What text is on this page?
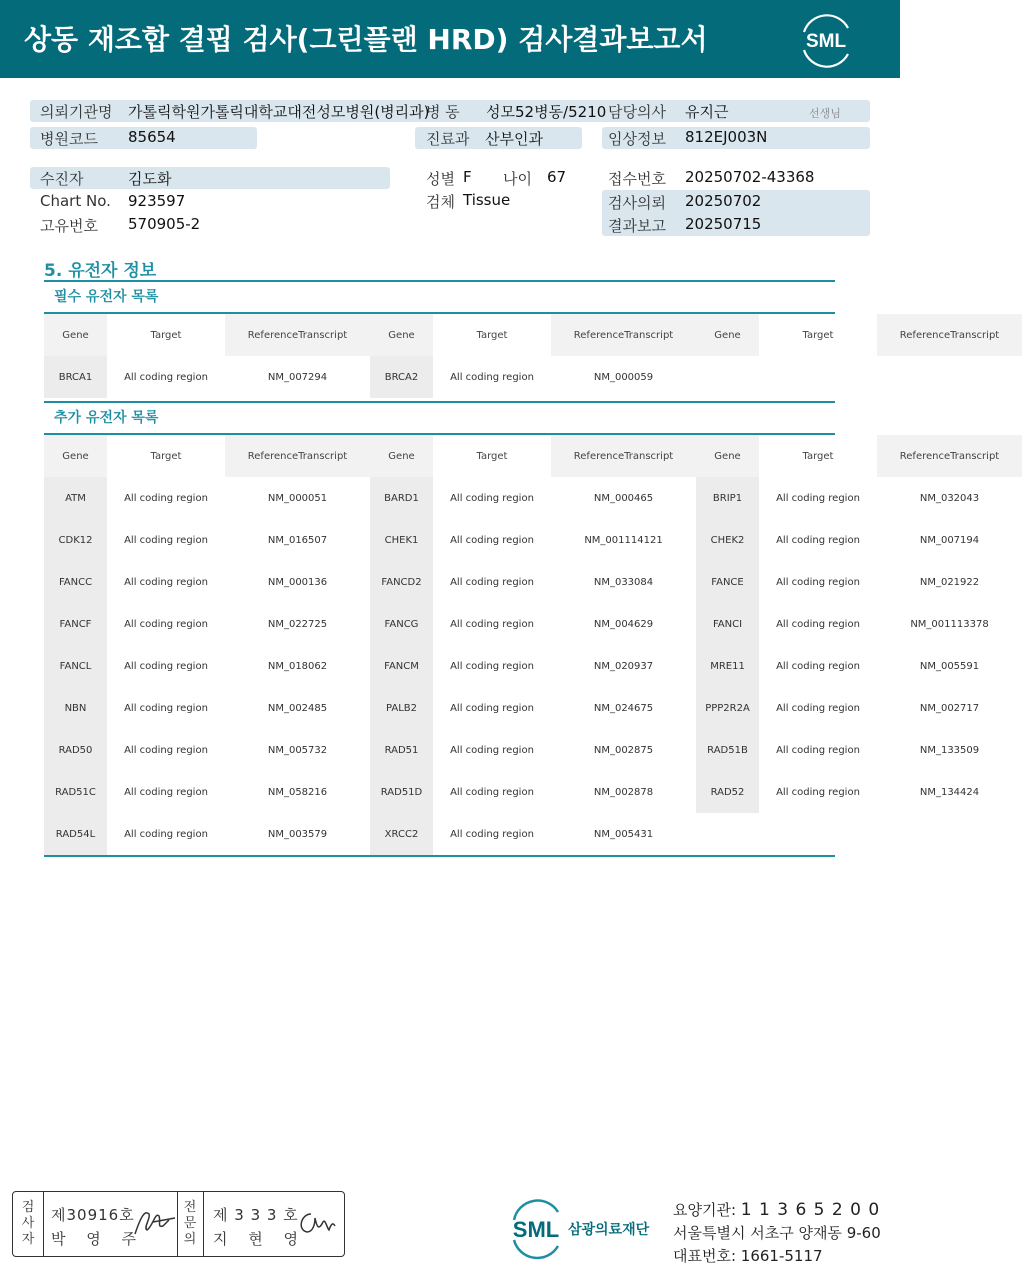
상동 재조합 결핍 검사(그린플랜 HRD) 검사결과보고서	SML
의뢰기관명 가톨릭학원가톨릭대학교대전성모병원(병리과)
병 동 성모52병동/5210 담당의사 유지근	선생님
병원코드 85654	진료과 산부인과	임상정보 812EJ003N
수진자	김도화	성별 F 나이 67	접수번호 20250702-43368
Chart No. 923597	검체 Tissue	검사의뢰 20250702
고유번호 570905-2	결과보고 20250715
5. 유전자 정보
필수 유전자 목록
Gene	Target	Reference Transcript	Gene	Target	Reference Transcript	Gene	Target	Reference Transcript
BRCA1	All coding region	NM_007294	BRCA2	All coding region	NM_000059
추가 유전자 목록
Gene	Target	Reference Transcript	Gene	Target	Reference Transcript	Gene	Target	Reference Transcript
ATM	All coding region	NM_000051	BARD1	All coding region	NM_000465	BRIP1	All coding region	NM_032043
CDK12	All coding region	NM_016507	CHEK1	All coding region	NM_001114121	CHEK2	All coding region	NM_007194
FANCC	All coding region	NM_000136	FANCD2	All coding region	NM_033084	FANCE	All coding region	NM_021922
FANCF	All coding region	NM_022725	FANCG	All coding region	NM_004629	FANCI	All coding region	NM_001113378
FANCL	All coding region	NM_018062	FANCM	All coding region	NM_020937	MRE11	All coding region	NM_005591
NBN	All coding region	NM_002485	PALB2	All coding region	NM_024675	PPP2R2A	All coding region	NM_002717
RAD50	All coding region	NM_005732	RAD51	All coding region	NM_002875	RAD51B	All coding region	NM_133509
RAD51C	All coding region	NM_058216	RAD51D	All coding region	NM_002878	RAD52	All coding region	NM_134424
RAD54L	All coding region	NM_003579	XRCC2	All coding region	NM_005431
검사자
제30916호
박 영 주
전문의
제 3 3 3 호
지 현 영	SML 삼광의료재단
요양기관: 1 1 3 6 5 2 0 0
서울특별시 서초구 양재동 9-60
대표번호: 1661-5117
